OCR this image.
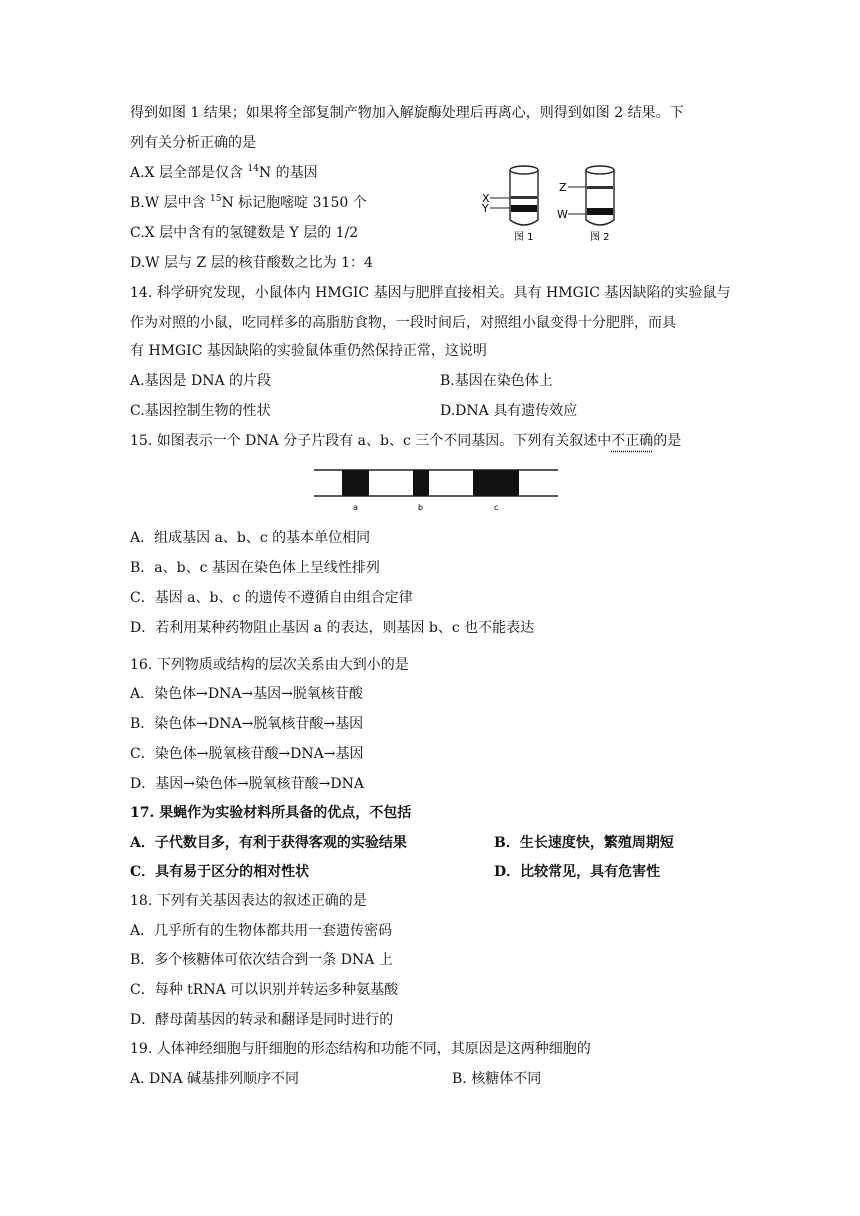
得到如图 1 结果；如果将全部复制产物加入解旋酶处理后再离心，则得到如图 2 结果。下
列有关分析正确的是
A.X 层全部是仅含 $^{14}$N 的基因
B.W 层中含 $^{15}$N 标记胞嘧啶 3150 个
C.X 层中含有的氢键数是 Y 层的 1/2
D.W 层与 Z 层的核苷酸数之比为 1：4
X
Y
Z
W
图 1	图 2
14. 科学研究发现，小鼠体内 HMGIC 基因与肥胖直接相关。具有 HMGIC 基因缺陷的实验鼠与
作为对照的小鼠，吃同样多的高脂肪食物，一段时间后，对照组小鼠变得十分肥胖，而具
有 HMGIC 基因缺陷的实验鼠体重仍然保持正常，这说明
A.基因是 DNA 的片段	B.基因在染色体上
C.基因控制生物的性状	D.DNA 具有遗传效应
15. 如图表示一个 DNA 分子片段有 a、b、c 三个不同基因。下列有关叙述中不正确的是
a	b	c
A．组成基因 a、b、c 的基本单位相同
B．a、b、c 基因在染色体上呈线性排列
C．基因 a、b、c 的遗传不遵循自由组合定律
D．若利用某种药物阻止基因 a 的表达，则基因 b、c 也不能表达
16. 下列物质或结构的层次关系由大到小的是
A．染色体→DNA→基因→脱氧核苷酸
B．染色体→DNA→脱氧核苷酸→基因
C．染色体→脱氧核苷酸→DNA→基因
D．基因→染色体→脱氧核苷酸→DNA
17. 果蝇作为实验材料所具备的优点，不包括
A．子代数目多，有利于获得客观的实验结果	B．生长速度快，繁殖周期短
C．具有易于区分的相对性状	D．比较常见，具有危害性
18. 下列有关基因表达的叙述正确的是
A．几乎所有的生物体都共用一套遗传密码
B．多个核糖体可依次结合到一条 DNA 上
C．每种 tRNA 可以识别并转运多种氨基酸
D．酵母菌基因的转录和翻译是同时进行的
19. 人体神经细胞与肝细胞的形态结构和功能不同，其原因是这两种细胞的
A. DNA 碱基排列顺序不同	B. 核糖体不同
